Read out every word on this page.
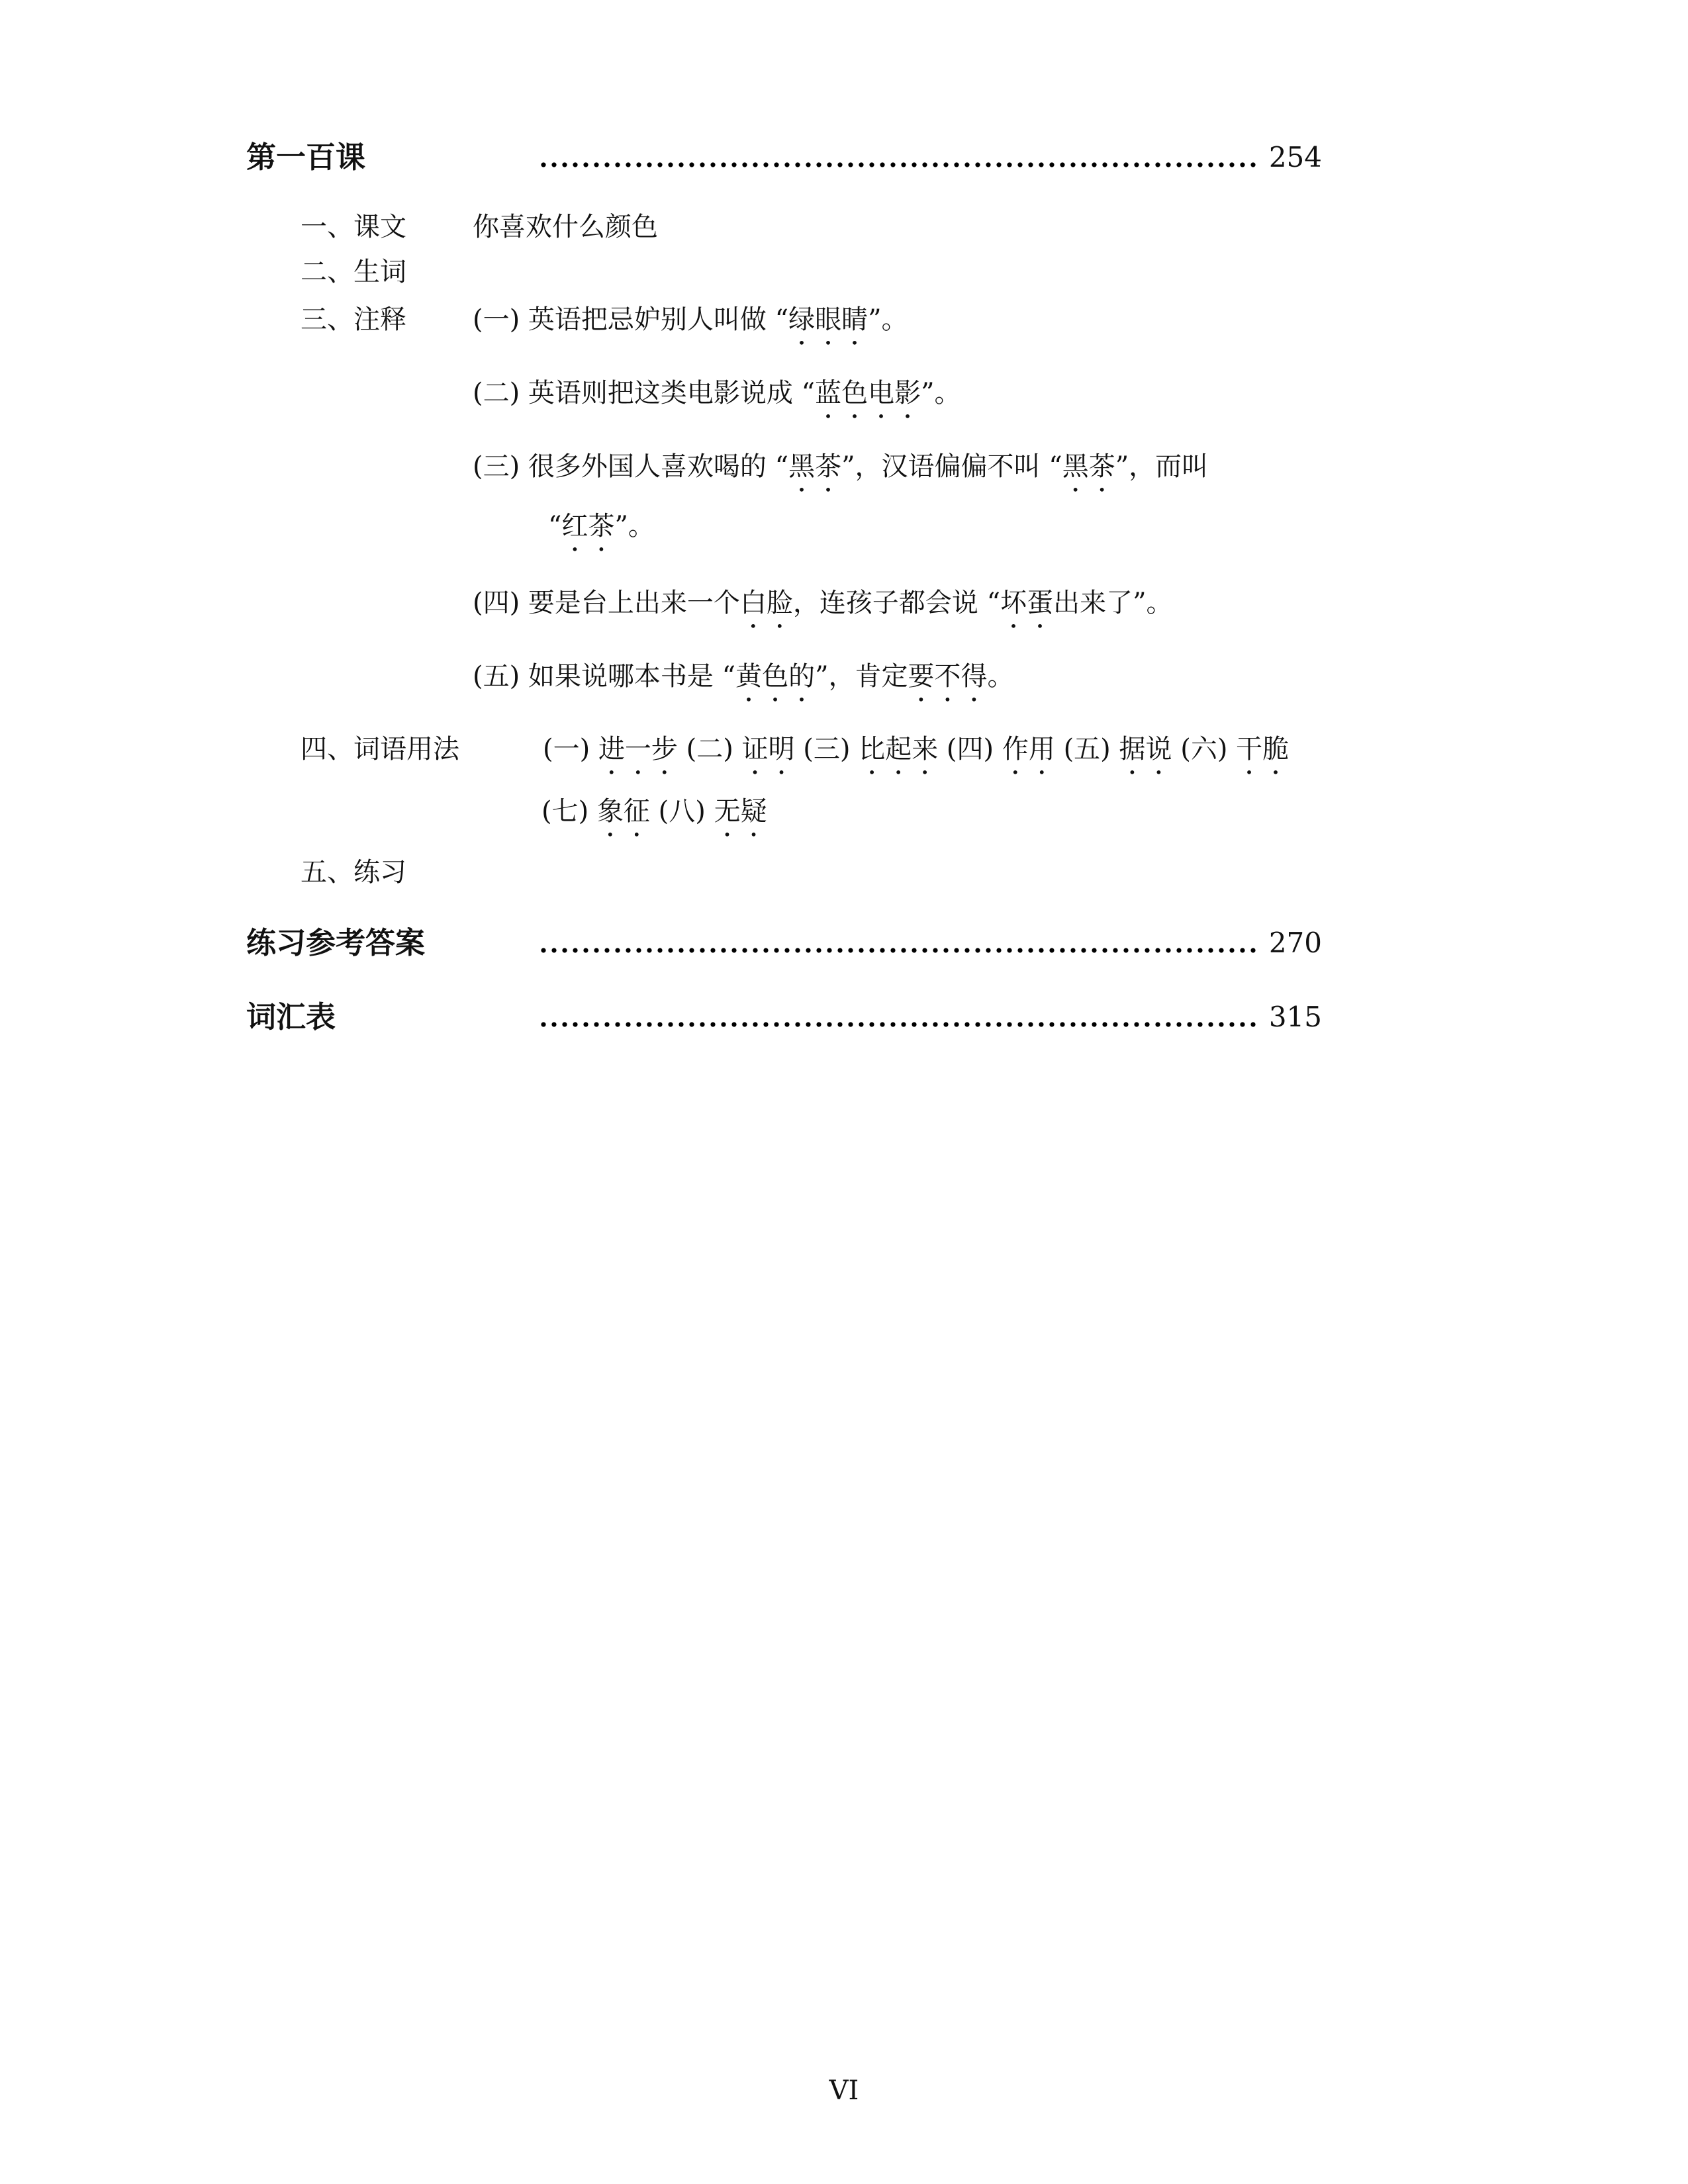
第一百课	254
一、课文	你喜欢什么颜色
二、生词
三、注释	(一) 英语把忌妒别人叫做 “绿眼睛”。
(二) 英语则把这类电影说成 “蓝色电影”。
(三) 很多外国人喜欢喝的 “黑茶”，汉语偏偏不叫 “黑茶”，而叫
“红茶”。
(四) 要是台上出来一个白脸，连孩子都会说 “坏蛋出来了”。
(五) 如果说哪本书是 “黄色的”，肯定要不得。
四、词语用法	(一) 进一步 (二) 证明 (三) 比起来 (四) 作用 (五) 据说 (六) 干脆
(七) 象征 (八) 无疑
五、练习
练习参考答案	270
词汇表	315
VI
